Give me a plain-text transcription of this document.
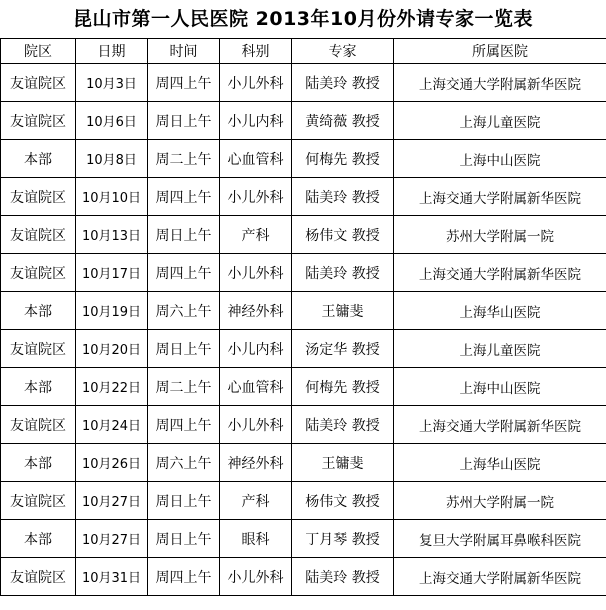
昆山市第一人民医院 2013年10月份外请专家一览表
院区	日期	时间	科别	专家	所属医院
友谊院区	10月3日	周四上午	小儿外科	陆美玲 教授	上海交通大学附属新华医院
友谊院区	10月6日	周日上午	小儿内科	黄绮薇 教授	上海儿童医院
本部	10月8日	周二上午	心血管科	何梅先 教授	上海中山医院
友谊院区	10月10日	周四上午	小儿外科	陆美玲 教授	上海交通大学附属新华医院
友谊院区	10月13日	周日上午	产科	杨伟文 教授	苏州大学附属一院
友谊院区	10月17日	周四上午	小儿外科	陆美玲 教授	上海交通大学附属新华医院
本部	10月19日	周六上午	神经外科	王镛斐	上海华山医院
友谊院区	10月20日	周日上午	小儿内科	汤定华 教授	上海儿童医院
本部	10月22日	周二上午	心血管科	何梅先 教授	上海中山医院
友谊院区	10月24日	周四上午	小儿外科	陆美玲 教授	上海交通大学附属新华医院
本部	10月26日	周六上午	神经外科	王镛斐	上海华山医院
友谊院区	10月27日	周日上午	产科	杨伟文 教授	苏州大学附属一院
本部	10月27日	周日上午	眼科	丁月琴 教授	复旦大学附属耳鼻喉科医院
友谊院区	10月31日	周四上午	小儿外科	陆美玲 教授	上海交通大学附属新华医院
